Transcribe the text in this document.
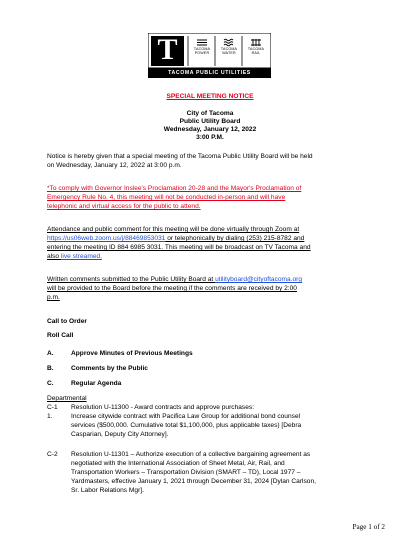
T	TACOMA
POWER
TACOMA
WATER
TACOMA
RAIL
TACOMA PUBLIC UTILITIES
SPECIAL MEETING NOTICE
City of Tacoma
Public Utility Board
Wednesday, January 12, 2022
3:00 P.M.
Notice is hereby given that a special meeting of the Tacoma Public Utility Board will be held
on Wednesday, January 12, 2022 at 3:00 p.m.
*To comply with Governor Inslee's Proclamation 20-28 and the Mayor's Proclamation of
Emergency Rule No. 4, this meeting will not be conducted in-person and will have
telephonic and virtual access for the public to attend.
Attendance and public comment for this meeting will be done virtually through Zoom at
https://us06web.zoom.us/j/88469853031 or telephonically by dialing (253) 215-8782 and
entering the meeting ID 884 6985 3031. This meeting will be broadcast on TV Tacoma and
also live streamed.
Written comments submitted to the Public Utility Board at utilityboard@cityoftacoma.org
will be provided to the Board before the meeting if the comments are received by 2:00
p.m.
Call to Order
Roll Call
A.	Approve Minutes of Previous Meetings
B.	Comments by the Public
C.	Regular Agenda
Departmental
C-1 Resolution U-11300 - Award contracts and approve purchases:
1.	Increase citywide contract with Pacifica Law Group for additional bond counsel
services ($500,000. Cumulative total $1,100,000, plus applicable taxes) [Debra
Casparian, Deputy City Attorney].
C-2 Resolution U-11301 – Authorize execution of a collective bargaining agreement as
negotiated with the International Association of Sheet Metal, Air, Rail, and
Transportation Workers – Transportation Division (SMART – TD), Local 1977 –
Yardmasters, effective January 1, 2021 through December 31, 2024 [Dylan Carlson,
Sr. Labor Relations Mgr].
Page 1 of 2
